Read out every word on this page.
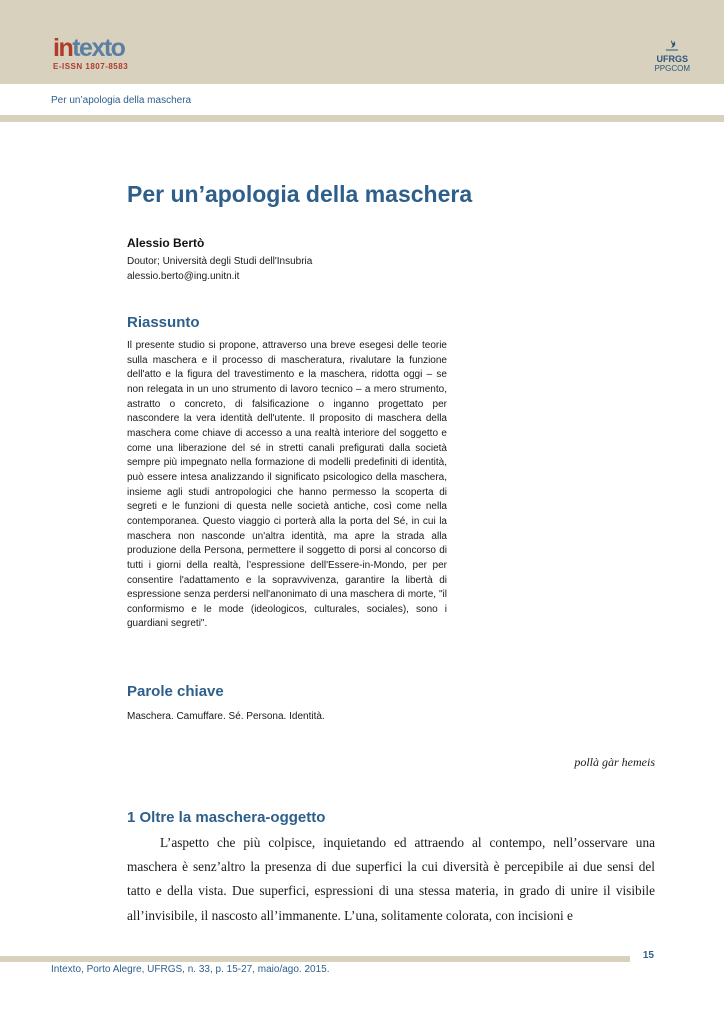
intexto
E-ISSN 1807-8583
UFRGS
PPGCOM
Per un’apologia della maschera
Per un’apologia della maschera
Alessio Bertò
Doutor; Università degli Studi dell'Insubria
alessio.berto@ing.unitn.it
Riassunto

Il presente studio si propone, attraverso una breve esegesi delle teorie sulla maschera e il processo di mascheratura, rivalutare la funzione dell'atto e la figura del travestimento e la maschera, ridotta oggi – se non relegata in un uno strumento di lavoro tecnico – a mero strumento, astratto o concreto, di falsificazione o inganno progettato per nascondere la vera identità dell'utente. Il proposito di maschera della maschera come chiave di accesso a una realtà interiore del soggetto e come una liberazione del sé in stretti canali prefigurati dalla società sempre più impegnato nella formazione di modelli predefiniti di identità, può essere intesa analizzando il significato psicologico della maschera, insieme agli studi antropologici che hanno permesso la scoperta di segreti e le funzioni di questa nelle società antiche, così come nella contemporanea. Questo viaggio ci porterà alla la porta del Sé, in cui la maschera non nasconde un'altra identità, ma apre la strada alla produzione della Persona, permettere il soggetto di porsi al concorso di tutti i giorni della realtà, l’espressione dell'Essere-in-Mondo, per per consentire l'adattamento e la sopravvivenza, garantire la libertà di espressione senza perdersi nell'anonimato di una maschera di morte, "il conformismo e le mode (ideologicos, culturales, sociales), sono i guardiani segreti".

Parole chiave
Maschera. Camuffare. Sé. Persona. Identità.
pollà gàr hemeis
1 Oltre la maschera-oggetto

L’aspetto che più colpisce, inquietando ed attraendo al contempo, nell’osservare una maschera è senz’altro la presenza di due superfici la cui diversità è percepibile ai due sensi del tatto e della vista. Due superfici, espressioni di una stessa materia, in grado di unire il visibile all’invisibile, il nascosto all’immanente. L’una, solitamente colorata, con incisioni e

15
Intexto, Porto Alegre, UFRGS, n. 33, p. 15-27, maio/ago. 2015.
